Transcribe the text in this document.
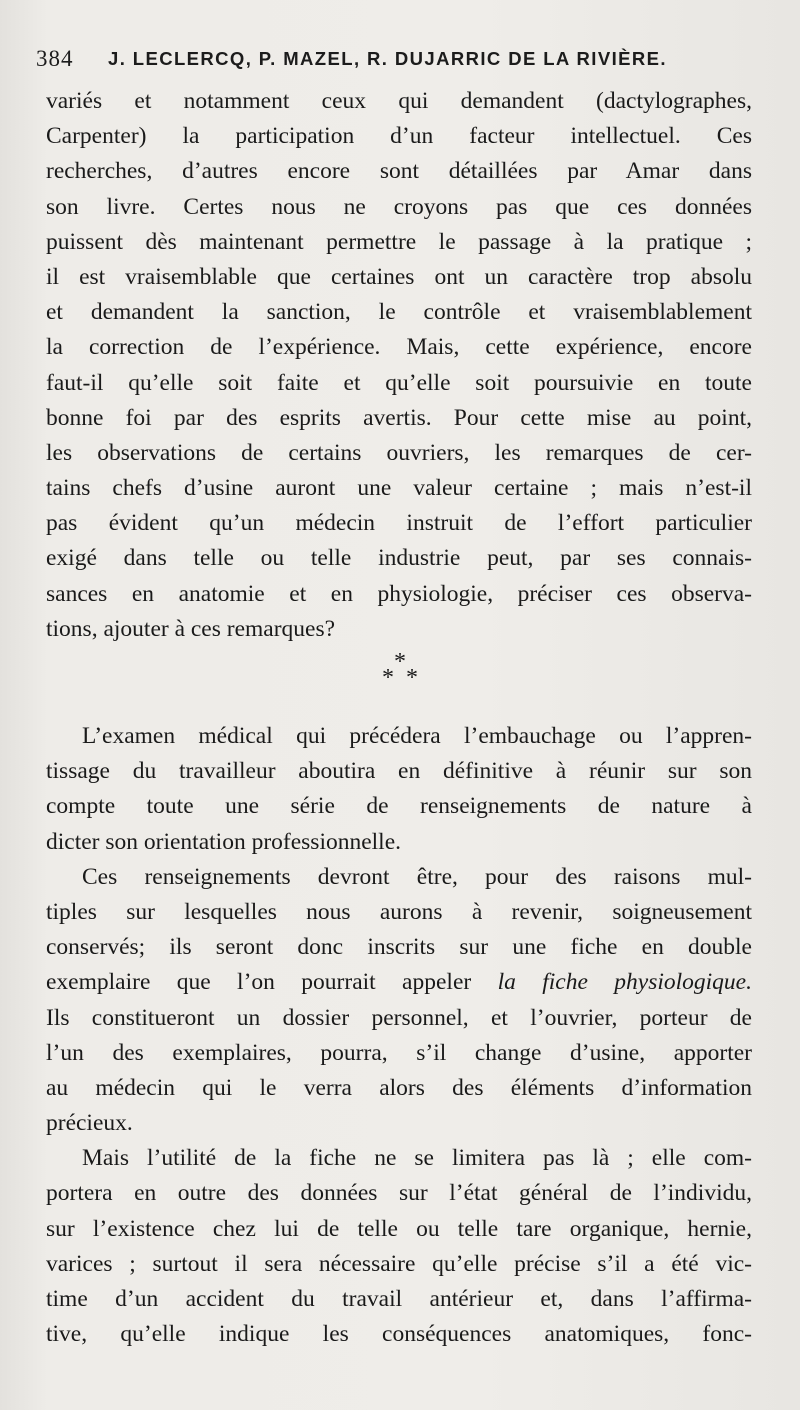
384 J. LECLERCQ, P. MAZEL, R. DUJARRIC DE LA RIVIÈRE.
variés et notamment ceux qui demandent (dactylographes,
Carpenter) la participation d’un facteur intellectuel. Ces
recherches, d’autres encore sont détaillées par Amar dans
son livre. Certes nous ne croyons pas que ces données
puissent dès maintenant permettre le passage à la pratique ;
il est vraisemblable que certaines ont un caractère trop absolu
et demandent la sanction, le contrôle et vraisemblablement
la correction de l’expérience. Mais, cette expérience, encore
faut-il qu’elle soit faite et qu’elle soit poursuivie en toute
bonne foi par des esprits avertis. Pour cette mise au point,
les observations de certains ouvriers, les remarques de cer-
tains chefs d’usine auront une valeur certaine ; mais n’est-il
pas évident qu’un médecin instruit de l’effort particulier
exigé dans telle ou telle industrie peut, par ses connais-
sances en anatomie et en physiologie, préciser ces observa-
tions, ajouter à ces remarques?
*
* *
L’examen médical qui précédera l’embauchage ou l’appren-
tissage du travailleur aboutira en définitive à réunir sur son
compte toute une série de renseignements de nature à
dicter son orientation professionnelle.
Ces renseignements devront être, pour des raisons mul-
tiples sur lesquelles nous aurons à revenir, soigneusement
conservés; ils seront donc inscrits sur une fiche en double
exemplaire que l’on pourrait appeler la fiche physiologique.
Ils constitueront un dossier personnel, et l’ouvrier, porteur de
l’un des exemplaires, pourra, s’il change d’usine, apporter
au médecin qui le verra alors des éléments d’information
précieux.
Mais l’utilité de la fiche ne se limitera pas là ; elle com-
portera en outre des données sur l’état général de l’individu,
sur l’existence chez lui de telle ou telle tare organique, hernie,
varices ; surtout il sera nécessaire qu’elle précise s’il a été vic-
time d’un accident du travail antérieur et, dans l’affirma-
tive, qu’elle indique les conséquences anatomiques, fonc-
